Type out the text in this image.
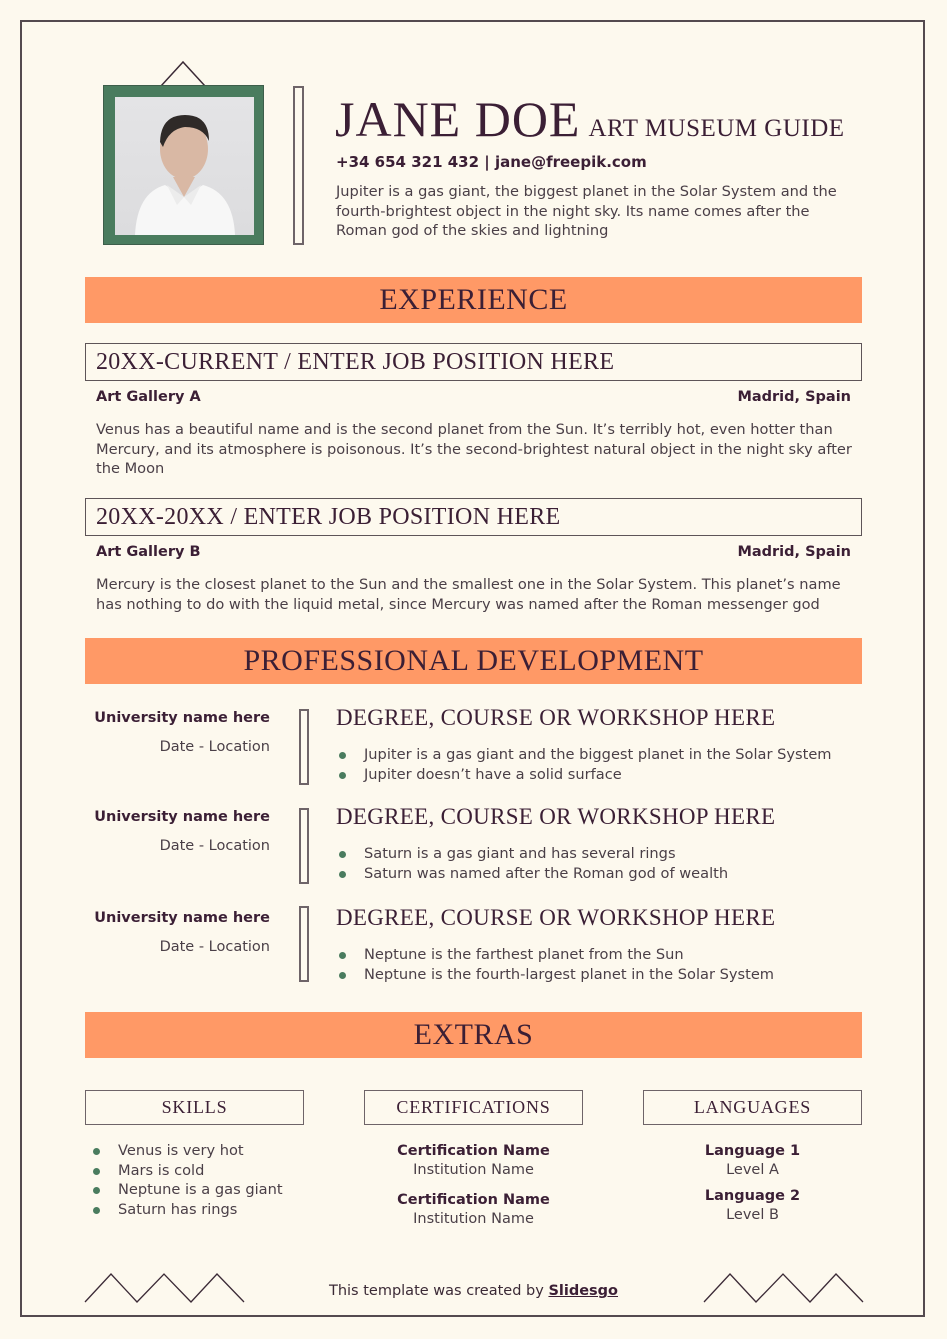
JANE DOE ART MUSEUM GUIDE
+34 654 321 432 | jane@freepik.com
Jupiter is a gas giant, the biggest planet in the Solar System and the fourth-brightest object in the night sky. Its name comes after the Roman god of the skies and lightning
EXPERIENCE
20XX-CURRENT / ENTER JOB POSITION HERE
Art Gallery A	Madrid, Spain
Venus has a beautiful name and is the second planet from the Sun. It’s terribly hot, even hotter than Mercury, and its atmosphere is poisonous. It’s the second-brightest natural object in the night sky after the Moon
20XX-20XX / ENTER JOB POSITION HERE
Art Gallery B	Madrid, Spain
Mercury is the closest planet to the Sun and the smallest one in the Solar System. This planet’s name has nothing to do with the liquid metal, since Mercury was named after the Roman messenger god
PROFESSIONAL DEVELOPMENT
University name here
Date - Location
DEGREE, COURSE OR WORKSHOP HERE
Jupiter is a gas giant and the biggest planet in the Solar System
Jupiter doesn’t have a solid surface
University name here
Date - Location
DEGREE, COURSE OR WORKSHOP HERE
Saturn is a gas giant and has several rings
Saturn was named after the Roman god of wealth
University name here
Date - Location
DEGREE, COURSE OR WORKSHOP HERE
Neptune is the farthest planet from the Sun
Neptune is the fourth-largest planet in the Solar System
EXTRAS
SKILLS	CERTIFICATIONS	LANGUAGES
Venus is very hot
Mars is cold
Neptune is a gas giant
Saturn has rings
Certification Name
Institution Name
Certification Name
Institution Name
Language 1
Level A
Language 2
Level B
This template was created by Slidesgo
